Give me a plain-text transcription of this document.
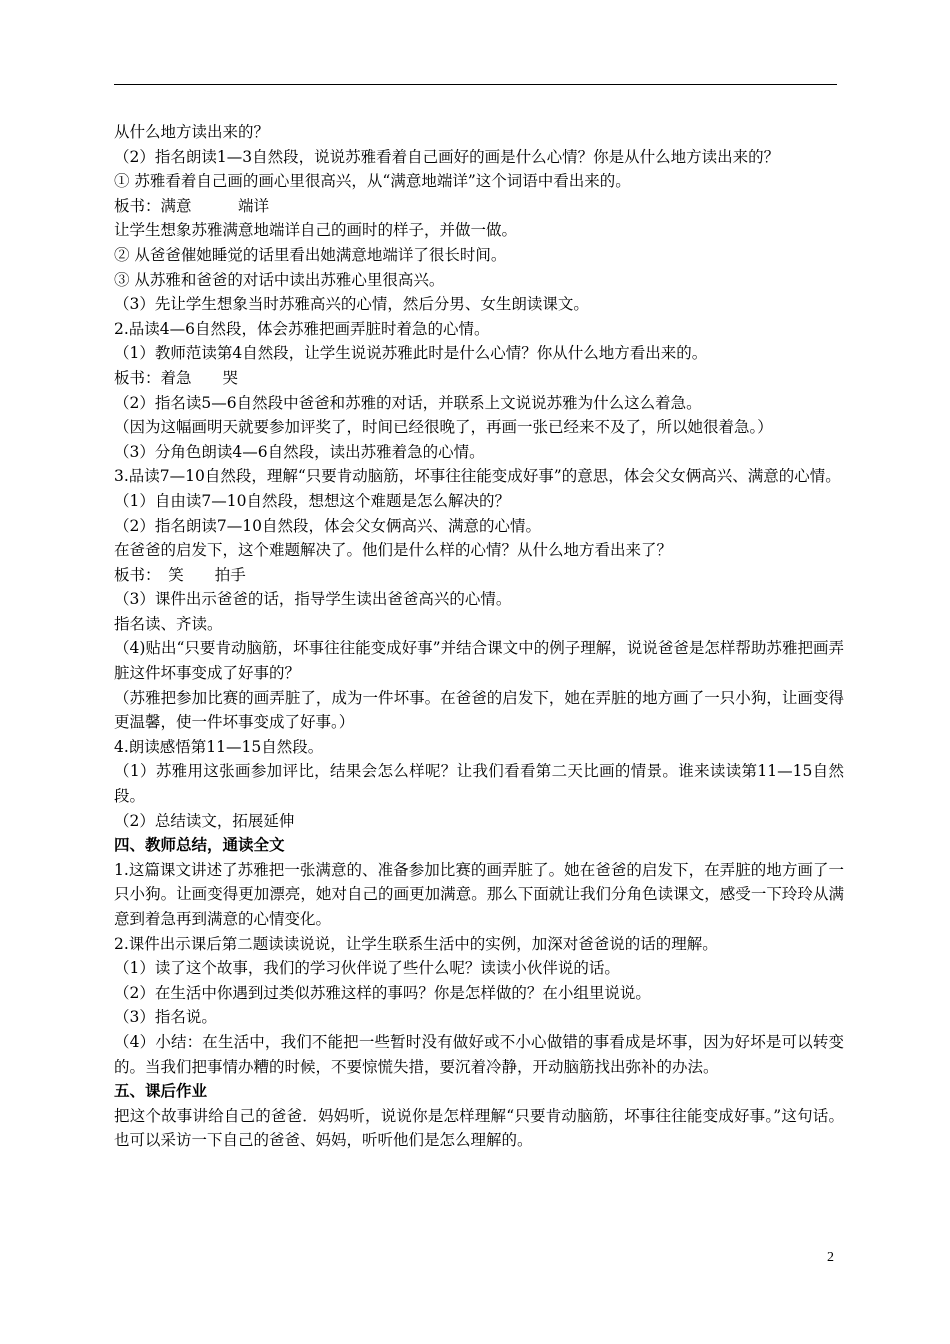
从什么地方读出来的？
（2）指名朗读1—3自然段，说说苏雅看着自己画好的画是什么心情？你是从什么地方读出来的？
① 苏雅看着自己画的画心里很高兴，从“满意地端详”这个词语中看出来的。
板书：满意　　　端详
让学生想象苏雅满意地端详自己的画时的样子，并做一做。
② 从爸爸催她睡觉的话里看出她满意地端详了很长时间。
③ 从苏雅和爸爸的对话中读出苏雅心里很高兴。
（3）先让学生想象当时苏雅高兴的心情，然后分男、女生朗读课文。
2.品读4—6自然段，体会苏雅把画弄脏时着急的心情。
（1）教师范读第4自然段，让学生说说苏雅此时是什么心情？你从什么地方看出来的。
板书：着急　　哭
（2）指名读5—6自然段中爸爸和苏雅的对话，并联系上文说说苏雅为什么这么着急。
（因为这幅画明天就要参加评奖了，时间已经很晚了，再画一张已经来不及了，所以她很着急。）
（3）分角色朗读4—6自然段，读出苏雅着急的心情。
3.品读7—10自然段，理解“只要肯动脑筋，坏事往往能变成好事”的意思，体会父女俩高兴、满意的心情。
（1）自由读7—10自然段，想想这个难题是怎么解决的？
（2）指名朗读7—10自然段，体会父女俩高兴、满意的心情。
在爸爸的启发下，这个难题解决了。他们是什么样的心情？从什么地方看出来了？
板书：　笑　　拍手
（3）课件出示爸爸的话，指导学生读出爸爸高兴的心情。
指名读、齐读。
（4)贴出“只要肯动脑筋，坏事往往能变成好事”并结合课文中的例子理解，说说爸爸是怎样帮助苏雅把画弄脏这件坏事变成了好事的？
（苏雅把参加比赛的画弄脏了，成为一件坏事。在爸爸的启发下，她在弄脏的地方画了一只小狗，让画变得更温馨，使一件坏事变成了好事。）
4.朗读感悟第11—15自然段。
（1）苏雅用这张画参加评比，结果会怎么样呢？让我们看看第二天比画的情景。谁来读读第11—15自然段。
（2）总结读文，拓展延伸
四、教师总结，通读全文
1.这篇课文讲述了苏雅把一张满意的、准备参加比赛的画弄脏了。她在爸爸的启发下，在弄脏的地方画了一只小狗。让画变得更加漂亮，她对自己的画更加满意。那么下面就让我们分角色读课文，感受一下玲玲从满意到着急再到满意的心情变化。
2.课件出示课后第二题读读说说，让学生联系生活中的实例，加深对爸爸说的话的理解。
（1）读了这个故事，我们的学习伙伴说了些什么呢？读读小伙伴说的话。
（2）在生活中你遇到过类似苏雅这样的事吗？你是怎样做的？在小组里说说。
（3）指名说。
（4）小结：在生活中，我们不能把一些暂时没有做好或不小心做错的事看成是坏事，因为好坏是可以转变的。当我们把事情办糟的时候，不要惊慌失措，要沉着冷静，开动脑筋找出弥补的办法。
五、课后作业
把这个故事讲给自己的爸爸．妈妈听，说说你是怎样理解“只要肯动脑筋，坏事往往能变成好事。”这句话。也可以采访一下自己的爸爸、妈妈，听听他们是怎么理解的。
2
